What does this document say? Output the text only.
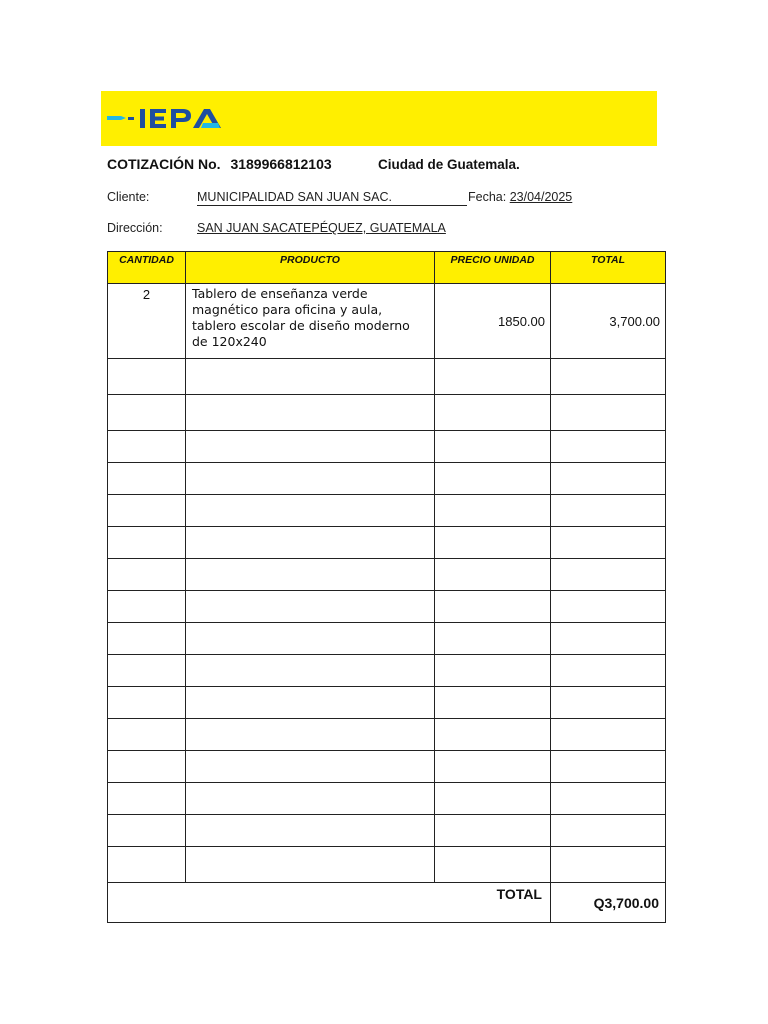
COTIZACIÓN No. 3189966812103	Ciudad de Guatemala.
Cliente:	MUNICIPALIDAD SAN JUAN SAC.	Fecha: 23/04/2025
Dirección:	SAN JUAN SACATEPÉQUEZ, GUATEMALA
CANTIDAD	PRODUCTO	PRECIO UNIDAD	TOTAL
2	Tablero de enseñanza verde magnético para oficina y aula, tablero escolar de diseño moderno de 120x240	1850.00	3,700.00

TOTAL			Q3,700.00
